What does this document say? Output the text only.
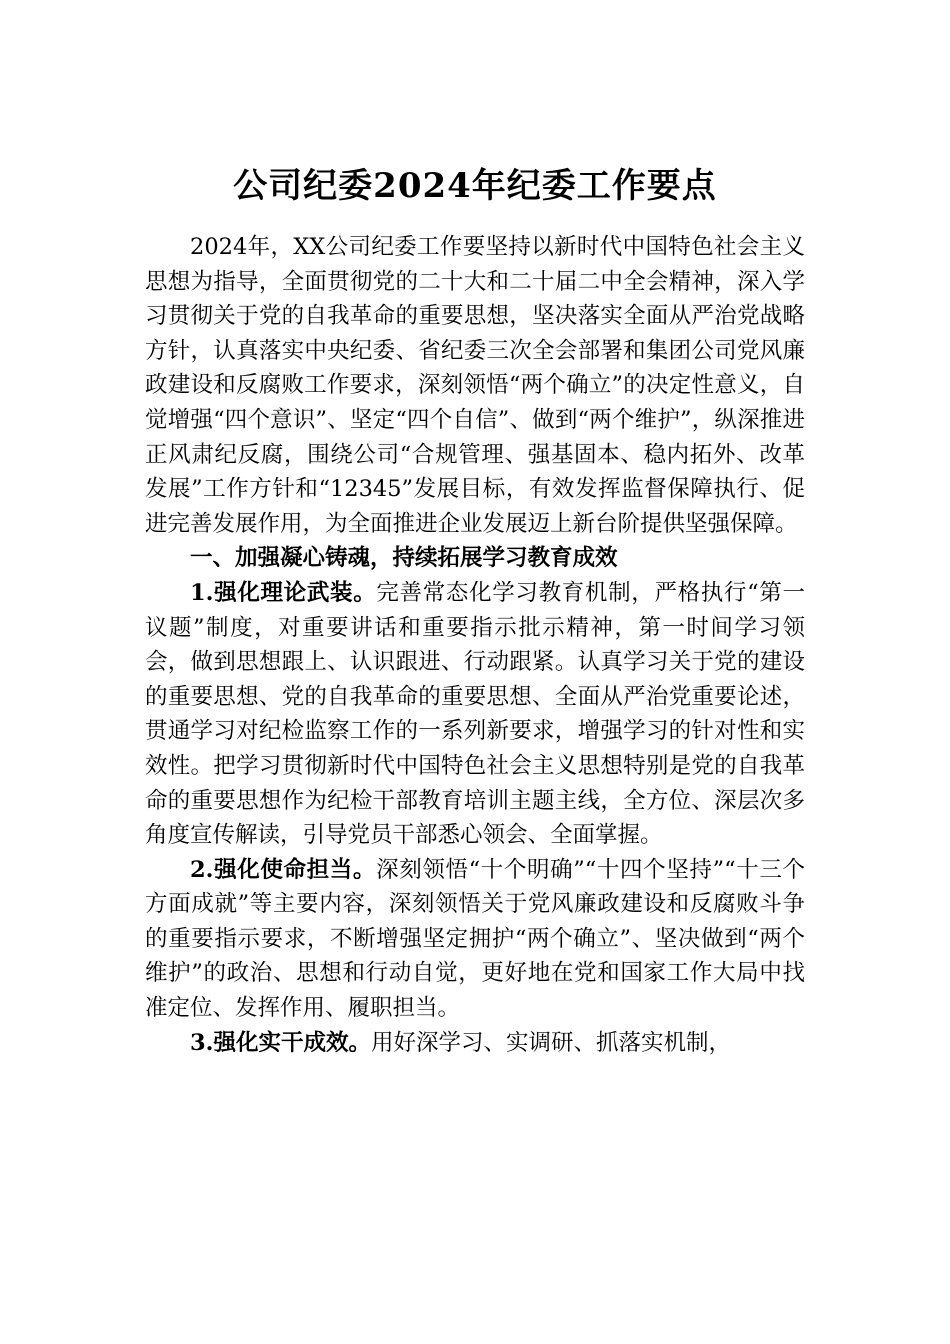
公司纪委2024年纪委工作要点

2024年，XX公司纪委工作要坚持以新时代中国特色社会主义思想为指导，全面贯彻党的二十大和二十届二中全会精神，深入学习贯彻关于党的自我革命的重要思想，坚决落实全面从严治党战略方针，认真落实中央纪委、省纪委三次全会部署和集团公司党风廉政建设和反腐败工作要求，深刻领悟“两个确立”的决定性意义，自觉增强“四个意识”、坚定“四个自信”、做到“两个维护”，纵深推进正风肃纪反腐，围绕公司“合规管理、强基固本、稳内拓外、改革发展”工作方针和“12345”发展目标，有效发挥监督保障执行、促进完善发展作用，为全面推进企业发展迈上新台阶提供坚强保障。

一、加强凝心铸魂，持续拓展学习教育成效

1.强化理论武装。完善常态化学习教育机制，严格执行“第一议题”制度，对重要讲话和重要指示批示精神，第一时间学习领会，做到思想跟上、认识跟进、行动跟紧。认真学习关于党的建设的重要思想、党的自我革命的重要思想、全面从严治党重要论述，贯通学习对纪检监察工作的一系列新要求，增强学习的针对性和实效性。把学习贯彻新时代中国特色社会主义思想特别是党的自我革命的重要思想作为纪检干部教育培训主题主线，全方位、深层次多角度宣传解读，引导党员干部悉心领会、全面掌握。

2.强化使命担当。深刻领悟“十个明确”“十四个坚持”“十三个方面成就”等主要内容，深刻领悟关于党风廉政建设和反腐败斗争的重要指示要求，不断增强坚定拥护“两个确立”、坚决做到“两个维护”的政治、思想和行动自觉，更好地在党和国家工作大局中找准定位、发挥作用、履职担当。

3.强化实干成效。用好深学习、实调研、抓落实机制，
